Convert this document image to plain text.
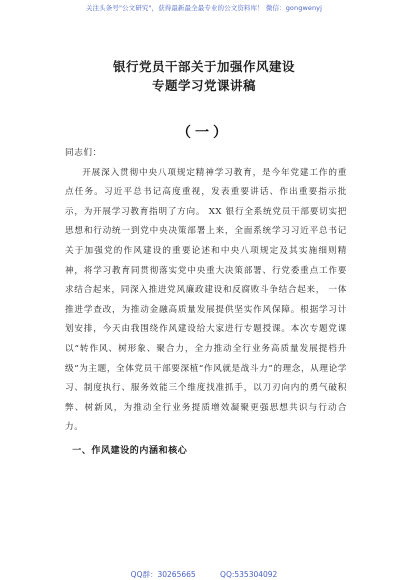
关注头条号"公文研究"，获得最新最全最专业的公文资料库！ 微信：gongwenyj
银行党员干部关于加强作风建设
专题学习党课讲稿
（一）

同志们：

开展深入贯彻中央八项规定精神学习教育，是今年党建工作的重点任务。习近平总书记高度重视，发表重要讲话、作出重要指示批示，为开展学习教育指明了方向。 XX 银行全系统党员干部要切实把思想和行动统一到党中央决策部署上来，全面系统学习习近平总书记关于加强党的作风建设的重要论述和中央八项规定及其实施细则精神，将学习教育同贯彻落实党中央重大决策部署、行党委重点工作要求结合起来，同深入推进党风廉政建设和反腐败斗争结合起来， 一体推进学查改，为推动金融高质量发展提供坚实作风保障。根据学习计划安排，今天由我围绕作风建设给大家进行专题授课。本次专题党课以“转作风、树形象、聚合力，全力推动全行业务高质量发展提档升级”为主题，全体党员干部要深植“作风就是战斗力”的理念，从理论学习、制度执行、服务效能三个维度找准抓手，以刀刃向内的勇气破积弊、树新风，为推动全行业务提质增效凝聚更强思想共识与行动合力。

一、作风建设的内涵和核心

QQ群：30265665	QQ:535304092
